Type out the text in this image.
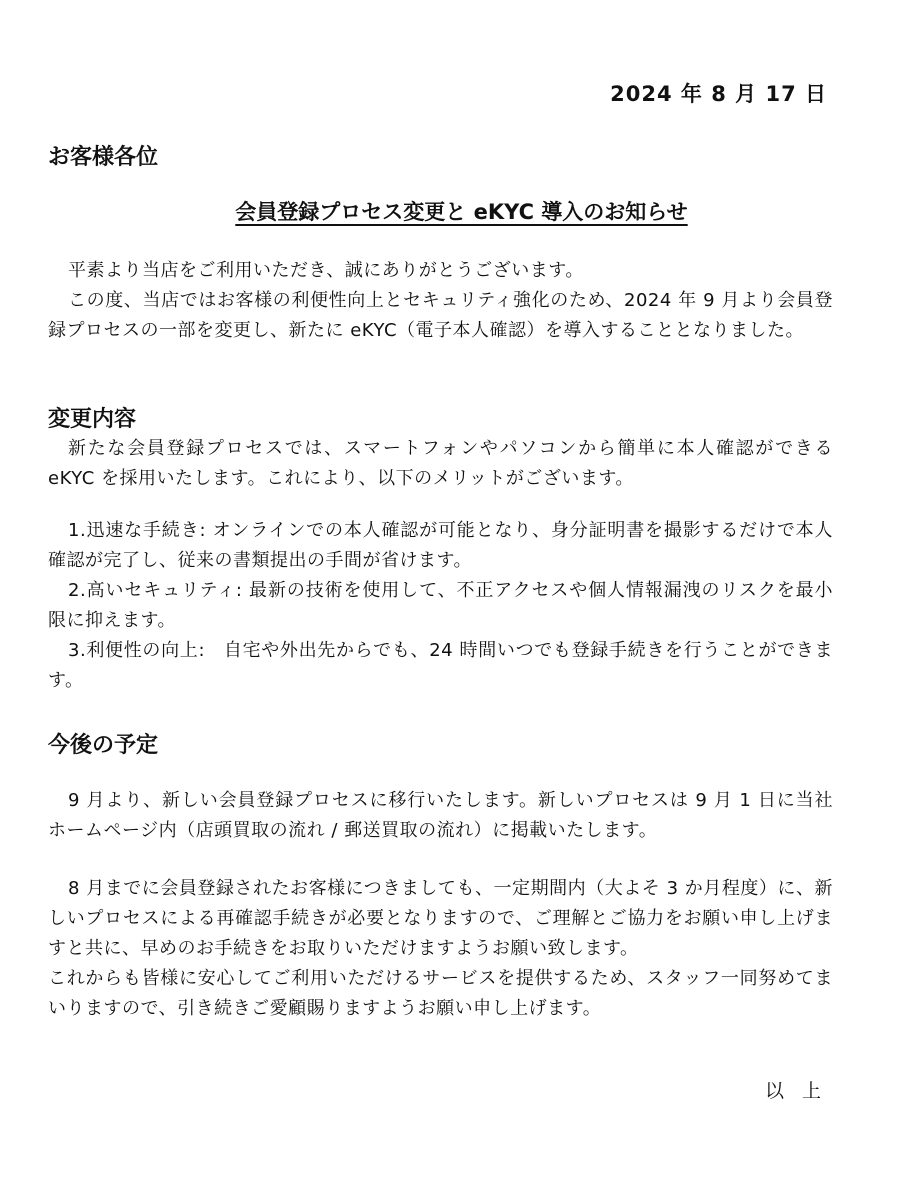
2024 年 8 月 17 日
お客様各位
会員登録プロセス変更と eKYC 導入のお知らせ

平素より当店をご利用いただき、誠にありがとうございます。

この度、当店ではお客様の利便性向上とセキュリティ強化のため、2024 年 9 月より会員登録プロセスの一部を変更し、新たに eKYC（電子本人確認）を導入することとなりました。

変更内容

新たな会員登録プロセスでは、スマートフォンやパソコンから簡単に本人確認ができる eKYC を採用いたします。これにより、以下のメリットがございます。

1.迅速な手続き: オンラインでの本人確認が可能となり、身分証明書を撮影するだけで本人確認が完了し、従来の書類提出の手間が省けます。

2.高いセキュリティ: 最新の技術を使用して、不正アクセスや個人情報漏洩のリスクを最小限に抑えます。

3.利便性の向上:　自宅や外出先からでも、24 時間いつでも登録手続きを行うことができます。

今後の予定

9 月より、新しい会員登録プロセスに移行いたします。新しいプロセスは 9 月 1 日に当社ホームページ内（店頭買取の流れ / 郵送買取の流れ）に掲載いたします。

8 月までに会員登録されたお客様につきましても、一定期間内（大よそ 3 か月程度）に、新しいプロセスによる再確認手続きが必要となりますので、ご理解とご協力をお願い申し上げますと共に、早めのお手続きをお取りいただけますようお願い致します。

これからも皆様に安心してご利用いただけるサービスを提供するため、スタッフ一同努めてまいりますので、引き続きご愛顧賜りますようお願い申し上げます。

以 上
